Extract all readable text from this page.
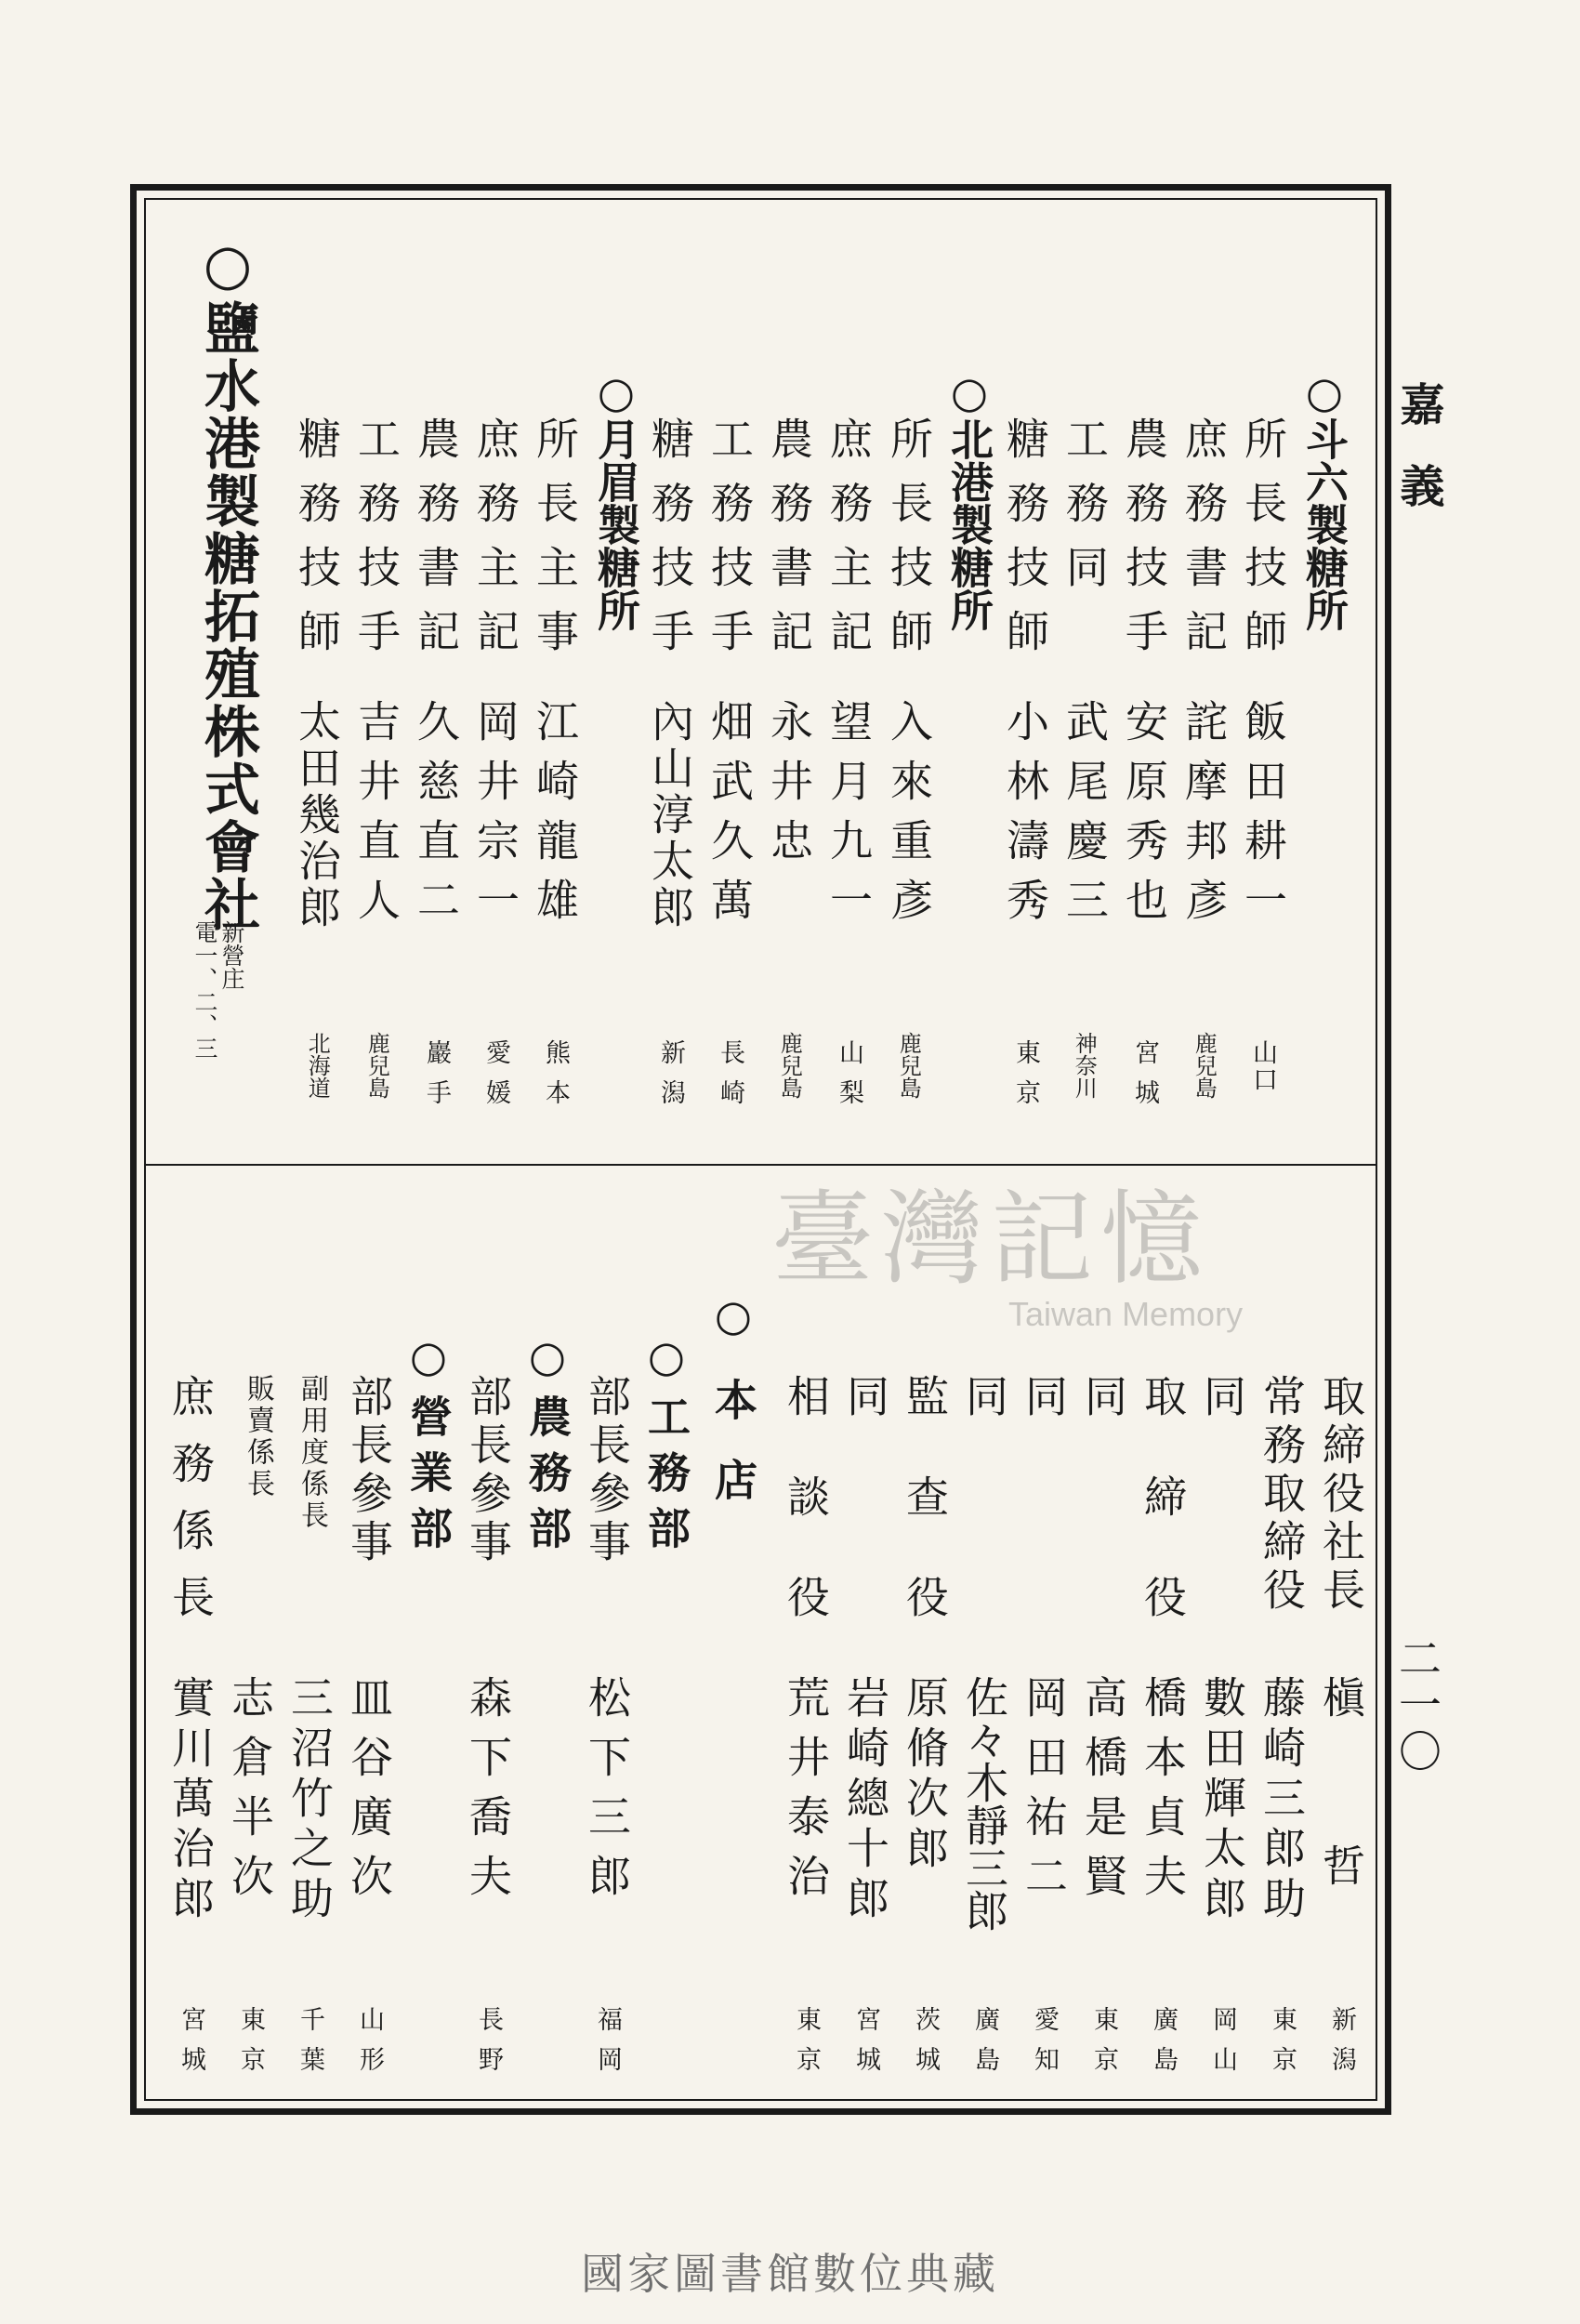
嘉義
二一〇
○斗六製糖所
所長技師
飯田耕一
山口
庶務書記
詫摩邦彥
鹿兒島
農務技手
安原秀也
宮城
工務同
武尾慶三
神奈川
糖務技師
小林濤秀
東京
○北港製糖所
所長技師
入來重彥
鹿兒島
庶務主記
望月九一
山梨
農務書記
永井忠
鹿兒島
工務技手
畑武久萬
長崎
糖務技手
內山淳太郎
新潟
○月眉製糖所
所長主事
江崎龍雄
熊本
庶務主記
岡井宗一
愛媛
農務書記
久慈直二
巖手
工務技手
吉井直人
鹿兒島
糖務技師
太田幾治郎
北海道
○鹽水港製糖拓殖株式會社
新營庄
電一、二、三
取締役社長
槇哲
新潟
常務取締役
藤崎三郎助
東京
同
數田輝太郎
岡山
取締役
橋本貞夫
廣島
同
高橋是賢
東京
同
岡田祐二
愛知
同
佐々木靜三郎
廣島
監查役
原脩次郎
茨城
同
岩崎總十郎
宮城
相談役
荒井泰治
東京
○本店
○工務部
部長參事
松下三郎
福岡
○農務部
部長參事
森下喬夫
長野
○營業部
部長參事
皿谷廣次
山形
副用度係長
三沼竹之助
千葉
販賣係長
志倉半次
東京
庶務係長
實川萬治郎
宮城
臺灣記憶
Taiwan Memory
國家圖書館數位典藏
